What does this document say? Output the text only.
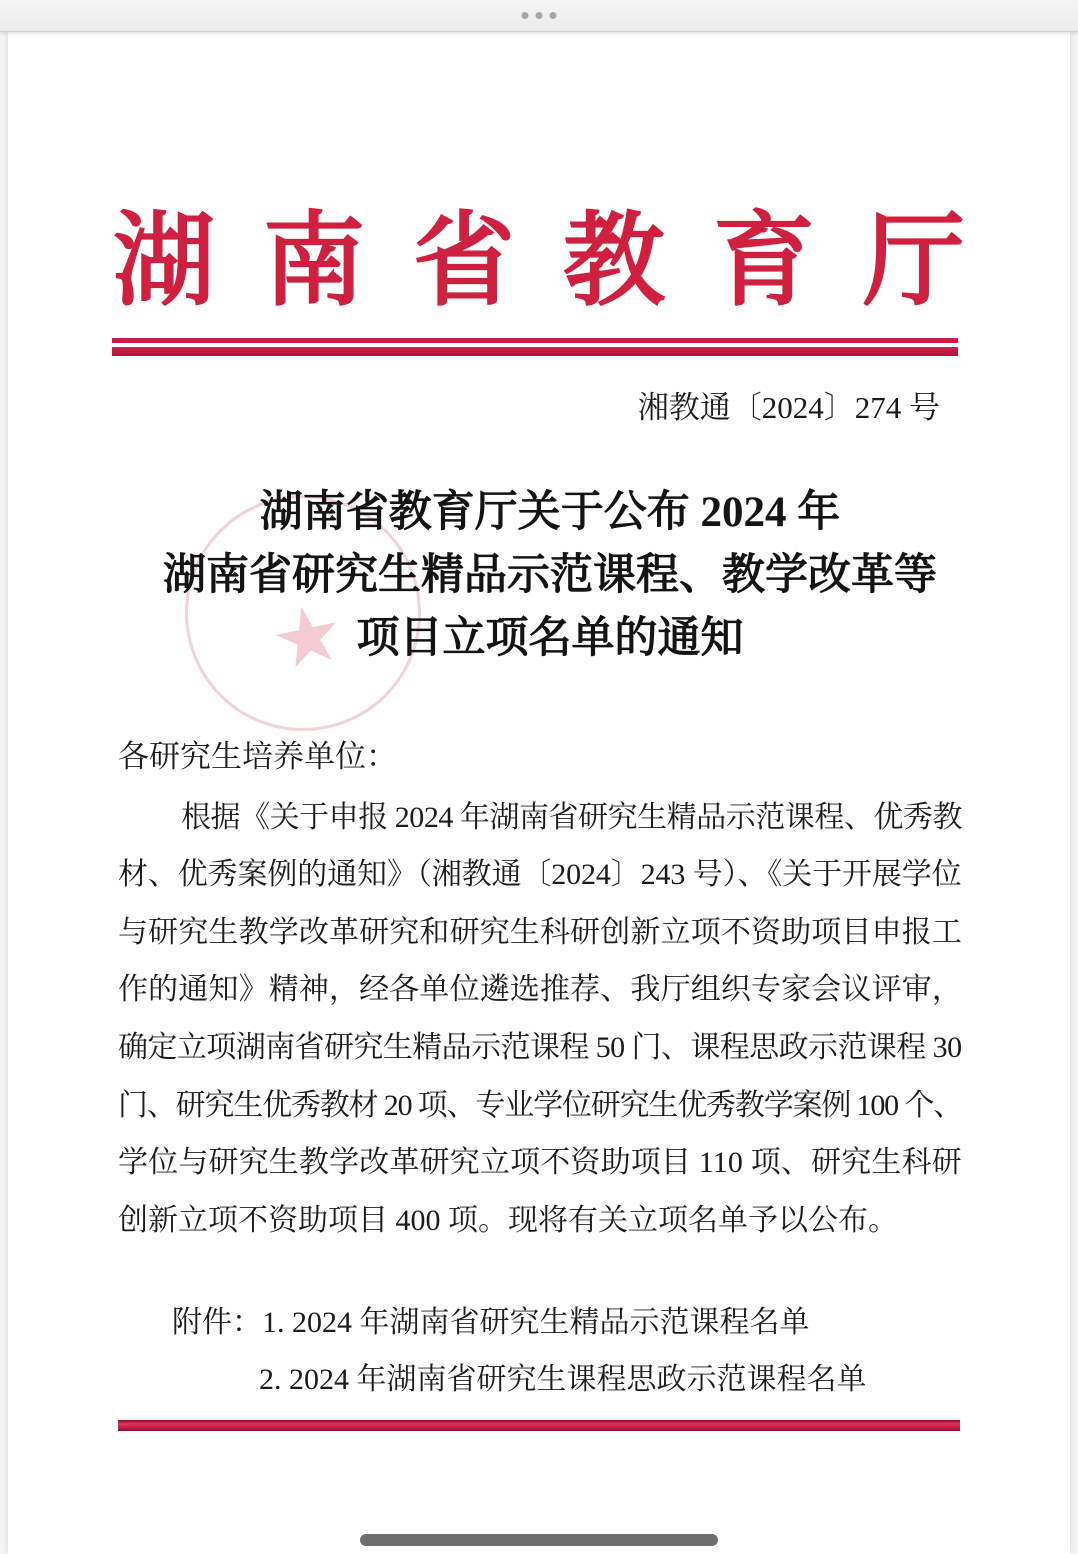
湖南省教育厅
湘教通〔2024〕274 号
湖南省教育厅关于公布 2024 年
湖南省研究生精品示范课程、教学改革等
项目立项名单的通知
各研究生培养单位：
根据《关于申报 2024 年湖南省研究生精品示范课程、优秀教
材、优秀案例的通知》（湘教通〔2024〕243 号）、《关于开展学位
与研究生教学改革研究和研究生科研创新立项不资助项目申报工
作的通知》精神，经各单位遴选推荐、我厅组织专家会议评审，
确定立项湖南省研究生精品示范课程 50 门、课程思政示范课程 30
门、研究生优秀教材 20 项、专业学位研究生优秀教学案例 100 个、
学位与研究生教学改革研究立项不资助项目 110 项、研究生科研
创新立项不资助项目 400 项。现将有关立项名单予以公布。
附件：1. 2024 年湖南省研究生精品示范课程名单
2. 2024 年湖南省研究生课程思政示范课程名单
